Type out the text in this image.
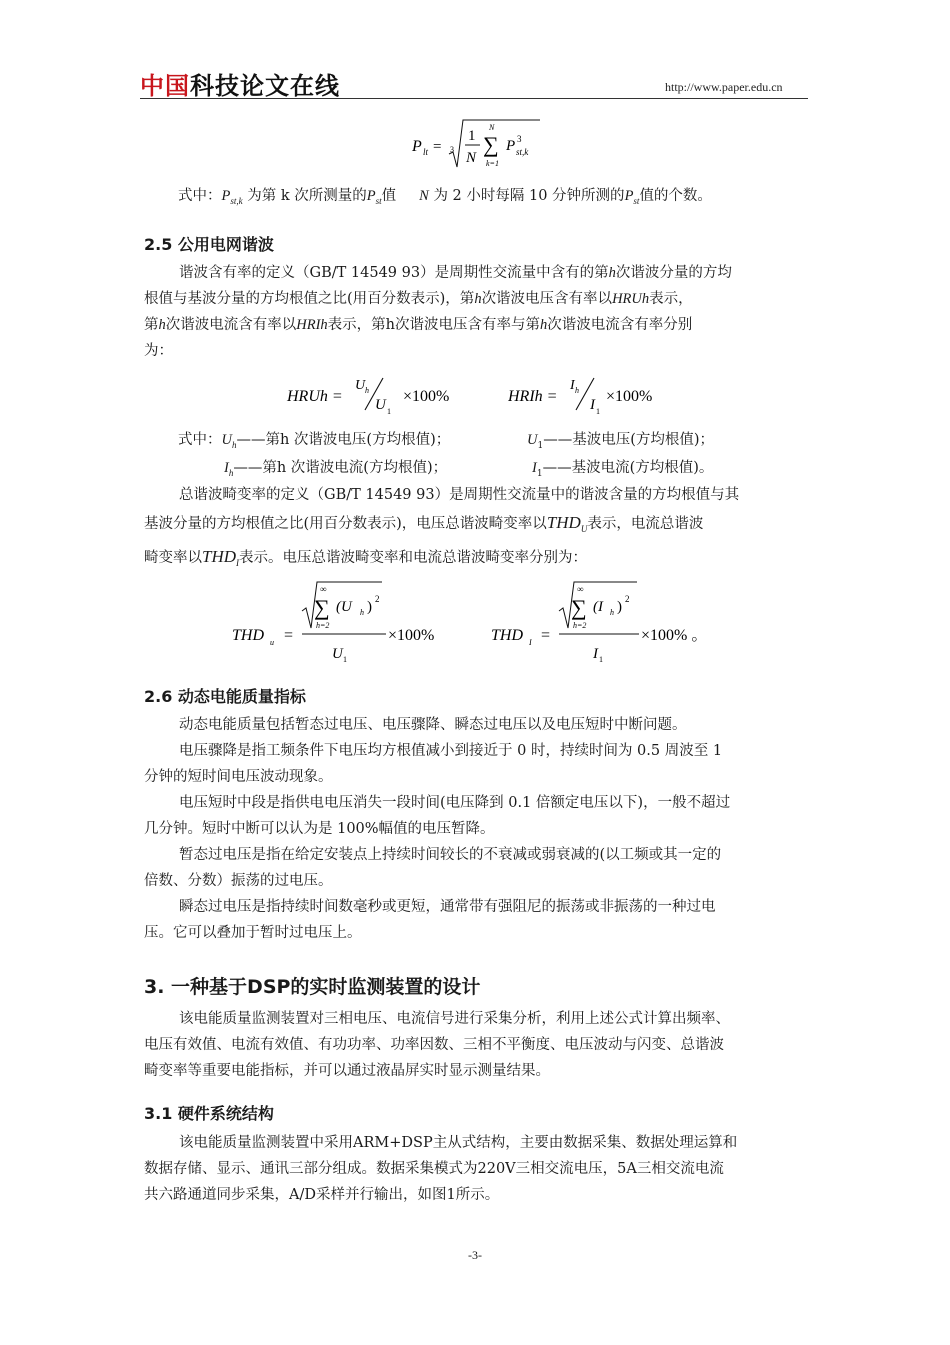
中国科技论文在线	http://www.paper.edu.cn
P lt = 3
1
N
N
∑
k=1
P 3
st,k
式中：$P_{st,k}$ 为第 k 次所测量的$P_{st}$值 N 为 2 小时每隔 10 分钟所测的$P_{st}$值的个数。
2.5 公用电网谐波
谐波含有率的定义（GB/T 14549 93）是周期性交流量中含有的第h次谐波分量的方均
根值与基波分量的方均根值之比(用百分数表示)，第h次谐波电压含有率以HRUh表示，
第h次谐波电流含有率以HRIh表示，第h次谐波电压含有率与第h次谐波电流含有率分别
为：
HRUh =
U h
U 1
×100%	HRIh =
I h
I 1
×100%
式中：$U_h——$第h 次谐波电压(方均根值)；	$U_1——$基波电压(方均根值)；
$I_h——$第h 次谐波电流(方均根值)；	$I_1——$基波电流(方均根值)。
总谐波畸变率的定义（GB/T 14549 93）是周期性交流量中的谐波含量的方均根值与其
基波分量的方均根值之比(用百分数表示)，电压总谐波畸变率以$THD_U$表示，电流总谐波
畸变率以$THD_I$表示。电压总谐波畸变率和电流总谐波畸变率分别为：
THD u =
∞
∑
h=2
(U h ) 2
U 1
×100%	THD I =
∞
∑
h=2
(I h ) 2
I 1
×100% 。
2.6 动态电能质量指标
动态电能质量包括暂态过电压、电压骤降、瞬态过电压以及电压短时中断问题。
电压骤降是指工频条件下电压均方根值减小到接近于 0 时，持续时间为 0.5 周波至 1
分钟的短时间电压波动现象。
电压短时中段是指供电电压消失一段时间(电压降到 0.1 倍额定电压以下)，一般不超过
几分钟。短时中断可以认为是 100%幅值的电压暂降。
暂态过电压是指在给定安装点上持续时间较长的不衰减或弱衰减的(以工频或其一定的
倍数、分数）振荡的过电压。
瞬态过电压是指持续时间数毫秒或更短，通常带有强阻尼的振荡或非振荡的一种过电
压。它可以叠加于暂时过电压上。
3. 一种基于DSP的实时监测装置的设计
该电能质量监测装置对三相电压、电流信号进行采集分析，利用上述公式计算出频率、
电压有效值、电流有效值、有功功率、功率因数、三相不平衡度、电压波动与闪变、总谐波
畸变率等重要电能指标，并可以通过液晶屏实时显示测量结果。
3.1 硬件系统结构
该电能质量监测装置中采用ARM+DSP主从式结构，主要由数据采集、数据处理运算和
数据存储、显示、通讯三部分组成。数据采集模式为220V三相交流电压，5A三相交流电流
共六路通道同步采集，A/D采样并行输出，如图1所示。
-3-
